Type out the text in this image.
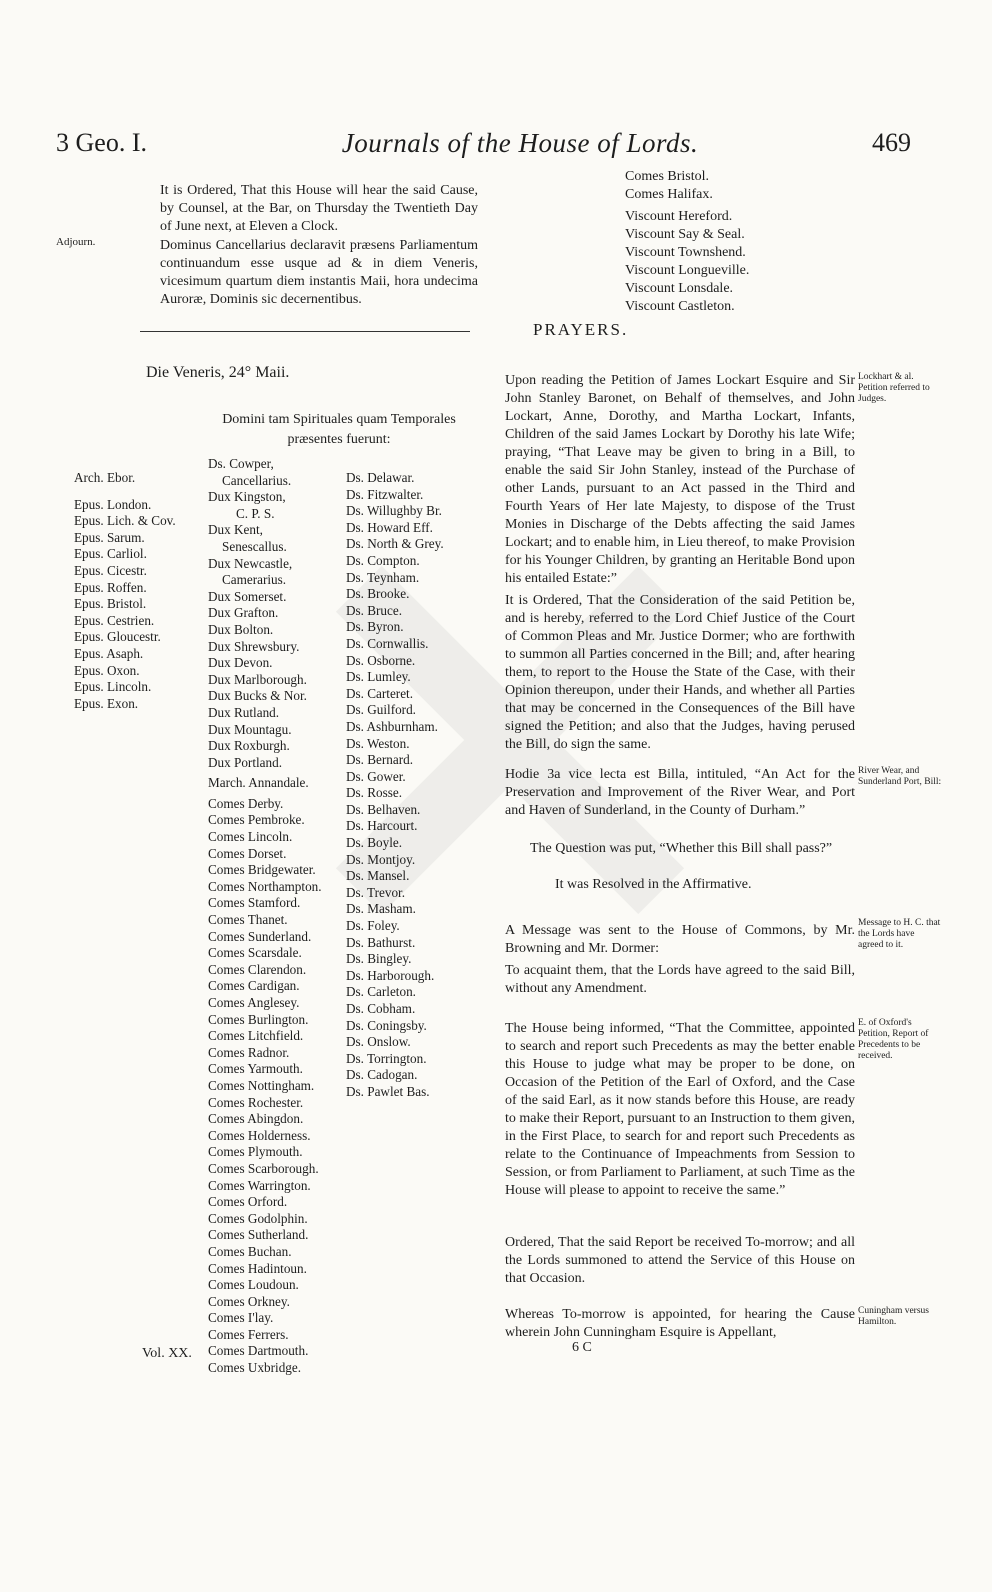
3 Geo. I.	Journals of the House of Lords.	469
It is Ordered, That this House will hear the said Cause, by Counsel, at the Bar, on Thursday the Twentieth Day of June next, at Eleven a Clock.
Adjourn.	Dominus Cancellarius declaravit præsens Parliamentum continuandum esse usque ad & in diem Veneris, vicesimum quartum diem instantis Maii, hora undecima Auroræ, Dominis sic decernentibus.
Comes Bristol.
Comes Halifax.
Viscount Hereford.
Viscount Say & Seal.
Viscount Townshend.
Viscount Longueville.
Viscount Lonsdale.
Viscount Castleton.
PRAYERS.
Die Veneris, 24° Maii.
Domini tam Spirituales quam Temporales præsentes fuerunt:
Arch. Ebor.
Epus. London.
Epus. Lich. & Cov.
Epus. Sarum.
Epus. Carliol.
Epus. Cicestr.
Epus. Roffen.
Epus. Bristol.
Epus. Cestrien.
Epus. Gloucestr.
Epus. Asaph.
Epus. Oxon.
Epus. Lincoln.
Epus. Exon.
Ds. Cowper,
Cancellarius.
Dux Kingston,
C. P. S.
Dux Kent,
Senescallus.
Dux Newcastle,
Camerarius.
Dux Somerset.
Dux Grafton.
Dux Bolton.
Dux Shrewsbury.
Dux Devon.
Dux Marlborough.
Dux Bucks & Nor.
Dux Rutland.
Dux Mountagu.
Dux Roxburgh.
Dux Portland.
March. Annandale.
Comes Derby.
Comes Pembroke.
Comes Lincoln.
Comes Dorset.
Comes Bridgewater.
Comes Northampton.
Comes Stamford.
Comes Thanet.
Comes Sunderland.
Comes Scarsdale.
Comes Clarendon.
Comes Cardigan.
Comes Anglesey.
Comes Burlington.
Comes Litchfield.
Comes Radnor.
Comes Yarmouth.
Comes Nottingham.
Comes Rochester.
Comes Abingdon.
Comes Holderness.
Comes Plymouth.
Comes Scarborough.
Comes Warrington.
Comes Orford.
Comes Godolphin.
Comes Sutherland.
Comes Buchan.
Comes Hadintoun.
Comes Loudoun.
Comes Orkney.
Comes I'lay.
Comes Ferrers.
Comes Dartmouth.
Comes Uxbridge.
Ds. Delawar.
Ds. Fitzwalter.
Ds. Willughby Br.
Ds. Howard Eff.
Ds. North & Grey.
Ds. Compton.
Ds. Teynham.
Ds. Brooke.
Ds. Bruce.
Ds. Byron.
Ds. Cornwallis.
Ds. Osborne.
Ds. Lumley.
Ds. Carteret.
Ds. Guilford.
Ds. Ashburnham.
Ds. Weston.
Ds. Bernard.
Ds. Gower.
Ds. Rosse.
Ds. Belhaven.
Ds. Harcourt.
Ds. Boyle.
Ds. Montjoy.
Ds. Mansel.
Ds. Trevor.
Ds. Masham.
Ds. Foley.
Ds. Bathurst.
Ds. Bingley.
Ds. Harborough.
Ds. Carleton.
Ds. Cobham.
Ds. Coningsby.
Ds. Onslow.
Ds. Torrington.
Ds. Cadogan.
Ds. Pawlet Bas.
Upon reading the Petition of James Lockart Esquire and Sir John Stanley Baronet, on Behalf of themselves, and John Lockart, Anne, Dorothy, and Martha Lockart, Infants, Children of the said James Lockart by Dorothy his late Wife; praying, “That Leave may be given to bring in a Bill, to enable the said Sir John Stanley, instead of the Purchase of other Lands, pursuant to an Act passed in the Third and Fourth Years of Her late Majesty, to dispose of the Trust Monies in Discharge of the Debts affecting the said James Lockart; and to enable him, in Lieu thereof, to make Provision for his Younger Children, by granting an Heritable Bond upon his entailed Estate:”
Lockhart & al. Petition referred to Judges.
It is Ordered, That the Consideration of the said Petition be, and is hereby, referred to the Lord Chief Justice of the Court of Common Pleas and Mr. Justice Dormer; who are forthwith to summon all Parties concerned in the Bill; and, after hearing them, to report to the House the State of the Case, with their Opinion thereupon, under their Hands, and whether all Parties that may be concerned in the Consequences of the Bill have signed the Petition; and also that the Judges, having perused the Bill, do sign the same.
Hodie 3a vice lecta est Billa, intituled, “An Act for the Preservation and Improvement of the River Wear, and Port and Haven of Sunderland, in the County of Durham.”
River Wear, and Sunderland Port, Bill:
The Question was put, “Whether this Bill shall pass?”
It was Resolved in the Affirmative.
A Message was sent to the House of Commons, by Mr. Browning and Mr. Dormer:
Message to H. C. that the Lords have agreed to it.
To acquaint them, that the Lords have agreed to the said Bill, without any Amendment.
The House being informed, “That the Committee, appointed to search and report such Precedents as may the better enable this House to judge what may be proper to be done, on Occasion of the Petition of the Earl of Oxford, and the Case of the said Earl, as it now stands before this House, are ready to make their Report, pursuant to an Instruction to them given, in the First Place, to search for and report such Precedents as relate to the Continuance of Impeachments from Session to Session, or from Parliament to Parliament, at such Time as the House will please to appoint to receive the same.”
E. of Oxford's Petition, Report of Precedents to be received.
Ordered, That the said Report be received To-morrow; and all the Lords summoned to attend the Service of this House on that Occasion.
Whereas To-morrow is appointed, for hearing the Cause wherein John Cunningham Esquire is Appellant,
Cuningham versus Hamilton.
Vol. XX.	6 C
